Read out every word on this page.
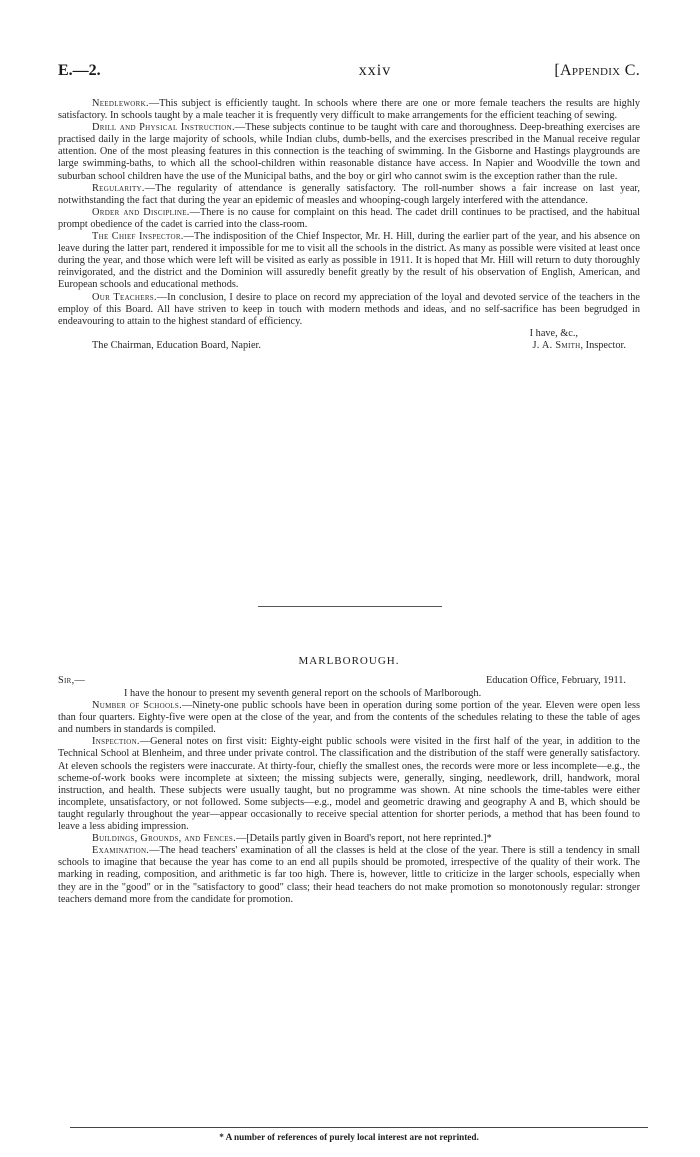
E.—2.	xxiv	[Appendix C.

Needlework.—This subject is efficiently taught. In schools where there are one or more female teachers the results are highly satisfactory. In schools taught by a male teacher it is frequently very difficult to make arrangements for the efficient teaching of sewing.

Drill and Physical Instruction.—These subjects continue to be taught with care and thoroughness. Deep-breathing exercises are practised daily in the large majority of schools, while Indian clubs, dumb-bells, and the exercises prescribed in the Manual receive regular attention. One of the most pleasing features in this connection is the teaching of swimming. In the Gisborne and Hastings playgrounds are large swimming-baths, to which all the school-children within reasonable distance have access. In Napier and Woodville the town and suburban school children have the use of the Municipal baths, and the boy or girl who cannot swim is the exception rather than the rule.

Regularity.—The regularity of attendance is generally satisfactory. The roll-number shows a fair increase on last year, notwithstanding the fact that during the year an epidemic of measles and whooping-cough largely interfered with the attendance.

Order and Discipline.—There is no cause for complaint on this head. The cadet drill continues to be practised, and the habitual prompt obedience of the cadet is carried into the class-room.

The Chief Inspector.—The indisposition of the Chief Inspector, Mr. H. Hill, during the earlier part of the year, and his absence on leave during the latter part, rendered it impossible for me to visit all the schools in the district. As many as possible were visited at least once during the year, and those which were left will be visited as early as possible in 1911. It is hoped that Mr. Hill will return to duty thoroughly reinvigorated, and the district and the Dominion will assuredly benefit greatly by the result of his observation of English, American, and European schools and educational methods.

Our Teachers.—In conclusion, I desire to place on record my appreciation of the loyal and devoted service of the teachers in the employ of this Board. All have striven to keep in touch with modern methods and ideas, and no self-sacrifice has been begrudged in endeavouring to attain to the highest standard of efficiency.

I have, &c.,
The Chairman, Education Board, Napier.	J. A. Smith, Inspector.
MARLBOROUGH.
Sir,—	Education Office, February, 1911.

I have the honour to present my seventh general report on the schools of Marlborough.

Number of Schools.—Ninety-one public schools have been in operation during some portion of the year. Eleven were open less than four quarters. Eighty-five were open at the close of the year, and from the contents of the schedules relating to these the table of ages and numbers in standards is compiled.

Inspection.—General notes on first visit: Eighty-eight public schools were visited in the first half of the year, in addition to the Technical School at Blenheim, and three under private control. The classification and the distribution of the staff were generally satisfactory. At eleven schools the registers were inaccurate. At thirty-four, chiefly the smallest ones, the records were more or less incomplete—e.g., the scheme-of-work books were incomplete at sixteen; the missing subjects were, generally, singing, needlework, drill, handwork, moral instruction, and health. These subjects were usually taught, but no programme was shown. At nine schools the time-tables were either incomplete, unsatisfactory, or not followed. Some subjects—e.g., model and geometric drawing and geography A and B, which should be taught regularly throughout the year—appear occasionally to receive special attention for shorter periods, a method that has been found to leave a less abiding impression.

Buildings, Grounds, and Fences.—[Details partly given in Board's report, not here reprinted.]*

Examination.—The head teachers' examination of all the classes is held at the close of the year. There is still a tendency in small schools to imagine that because the year has come to an end all pupils should be promoted, irrespective of the quality of their work. The marking in reading, composition, and arithmetic is far too high. There is, however, little to criticize in the larger schools, especially when they are in the "good" or in the "satisfactory to good" class; their head teachers do not make promotion so monotonously regular: stronger teachers demand more from the candidate for promotion.

* A number of references of purely local interest are not reprinted.
